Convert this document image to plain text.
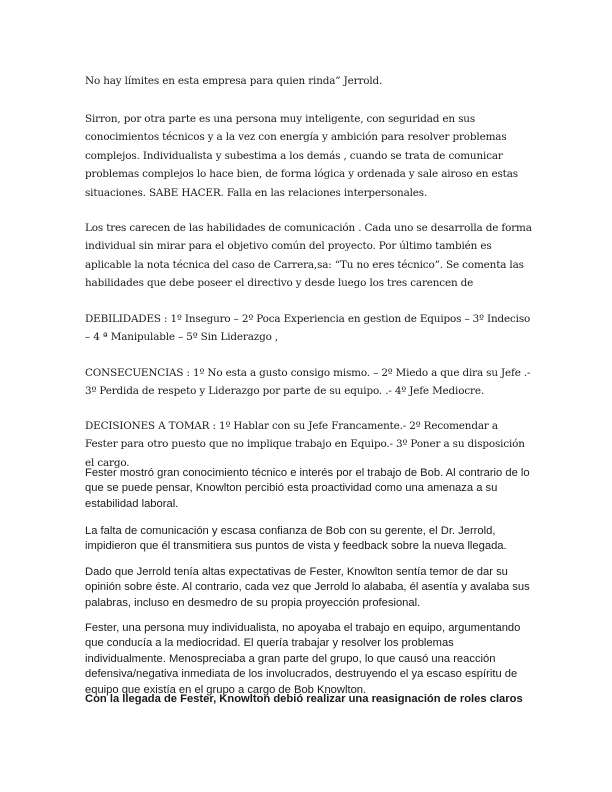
No hay límites en esta empresa para quien rinda” Jerrold.

Sirron, por otra parte es una persona muy inteligente, con seguridad en sus conocimientos técnicos y a la vez con energía y ambición para resolver problemas complejos. Individualista y subestima a los demás , cuando se trata de comunicar problemas complejos lo hace bien, de forma lógica y ordenada y sale airoso en estas situaciones. SABE HACER. Falla en las relaciones interpersonales.

Los tres carecen de las habilidades de comunicación . Cada uno se desarrolla de forma individual sin mirar para el objetivo común del proyecto. Por último también es aplicable la nota técnica del caso de Carrera,sa: “Tu no eres técnico”. Se comenta las habilidades que debe poseer el directivo y desde luego los tres carencen de

DEBILIDADES : 1º Inseguro – 2º Poca Experiencia en gestion de Equipos – 3º Indeciso – 4 ª Manipulable – 5º Sin Liderazgo ,

CONSECUENCIAS : 1º No esta a gusto consigo mismo. – 2º Miedo a que dira su Jefe .- 3º Perdida de respeto y Liderazgo por parte de su equipo. .- 4º Jefe Mediocre.

DECISIONES A TOMAR : 1º Hablar con su Jefe Francamente.- 2º Recomendar a Fester para otro puesto que no implique trabajo en Equipo.- 3º Poner a su disposición el cargo.

Fester mostró gran conocimiento técnico e interés por el trabajo de Bob. Al contrario de lo que se puede pensar, Knowlton percibió esta proactividad como una amenaza a su estabilidad laboral.

La falta de comunicación y escasa confianza de Bob con su gerente, el Dr. Jerrold, impidieron que él transmitiera sus puntos de vista y feedback sobre la nueva llegada.

Dado que Jerrold tenía altas expectativas de Fester, Knowlton sentía temor de dar su opinión sobre éste. Al contrario, cada vez que Jerrold lo alababa, él asentía y avalaba sus palabras, incluso en desmedro de su propia proyección profesional.

Fester, una persona muy individualista, no apoyaba el trabajo en equipo, argumentando que conducía a la mediocridad. El quería trabajar y resolver los problemas individualmente. Menospreciaba a gran parte del grupo, lo que causó una reacción defensiva/negativa inmediata de los involucrados, destruyendo el ya escaso espíritu de equipo que existía en el grupo a cargo de Bob Knowlton.

Con la llegada de Fester, Knowlton debió realizar una reasignación de roles claros
